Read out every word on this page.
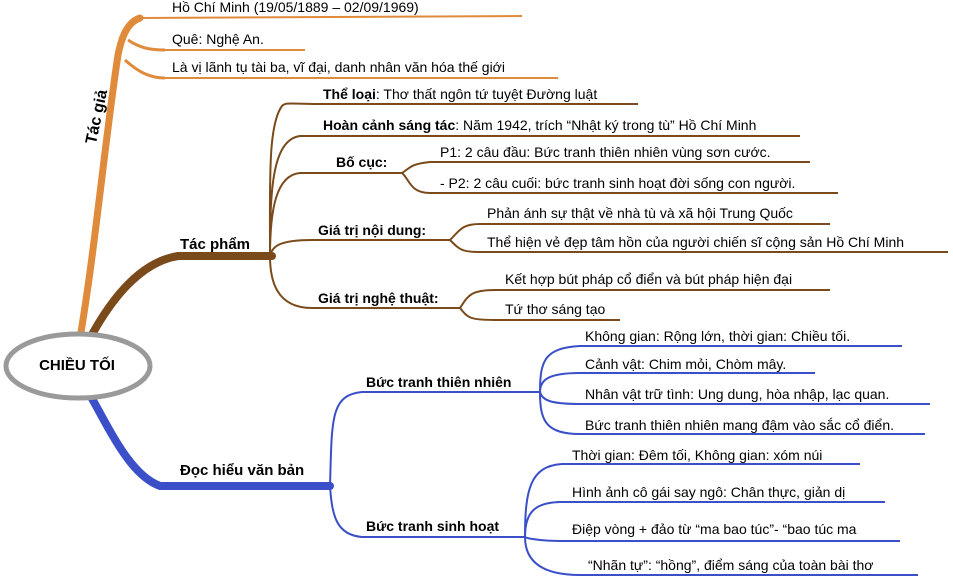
CHIỀU TỐI
Tác giả
Hồ Chí Minh (19/05/1889 – 02/09/1969)
Quê: Nghệ An.
Là vị lãnh tụ tài ba, vĩ đại, danh nhân văn hóa thế giới
Tác phẩm
Thể loại: Thơ thất ngôn tứ tuyệt Đường luật
Hoàn cảnh sáng tác: Năm 1942, trích “Nhật ký trong tù” Hồ Chí Minh
Bố cục:
P1: 2 câu đầu: Bức tranh thiên nhiên vùng sơn cước.
- P2: 2 câu cuối: bức tranh sinh hoạt đời sống con người.
Giá trị nội dung:
Phản ánh sự thật về nhà tù và xã hội Trung Quốc
Thể hiện vẻ đẹp tâm hồn của người chiến sĩ cộng sản Hồ Chí Minh
Giá trị nghệ thuật:
Kết hợp bút pháp cổ điển và bút pháp hiện đại
Tứ thơ sáng tạo
Đọc hiểu văn bản
Bức tranh thiên nhiên
Không gian: Rộng lớn, thời gian: Chiều tối.
Cảnh vật: Chim mỏi, Chòm mây.
Nhân vật trữ tình: Ung dung, hòa nhập, lạc quan.
Bức tranh thiên nhiên mang đậm vào sắc cổ điển.
Bức tranh sinh hoạt
Thời gian: Đêm tối, Không gian: xóm núi
Hình ảnh cô gái say ngô: Chân thực, giản dị
Điệp vòng + đảo từ “ma bao túc”- “bao túc ma
“Nhãn tự”: “hồng”, điểm sáng của toàn bài thơ
